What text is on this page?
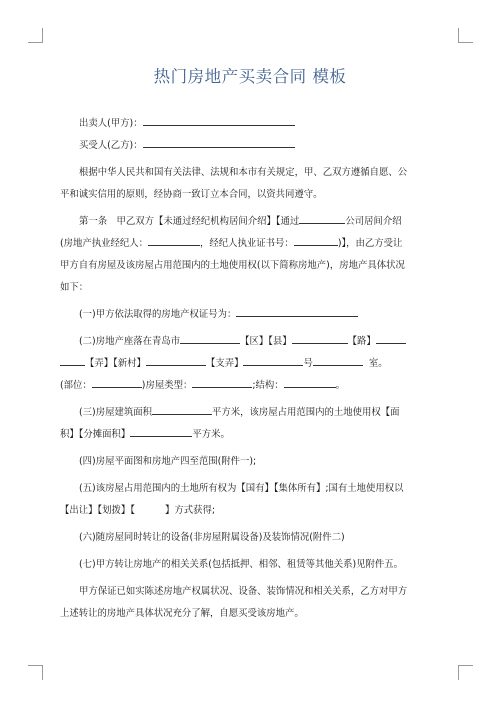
热门房地产买卖合同 模板
出卖人(甲方)：
买受人(乙方)：
根据中华人民共和国有关法律、法规和本市有关规定，甲、乙双方遵循自愿、公
平和诚实信用的原则，经协商一致订立本合同，以资共同遵守。
第一条　甲乙双方【未通过经纪机构居间介绍】【通过	公司居间介绍
(房地产执业经纪人：	，经纪人执业证书号：	)】，由乙方受让
甲方自有房屋及该房屋占用范围内的土地使用权(以下简称房地产)，房地产具体状况
如下：
(一)甲方依法取得的房地产权证号为：
(二)房地产座落在青岛市	【区】【县】	【路】
【弄】【新村】	【支弄】	号	室。
(部位：	)房屋类型：	;结构：	。
(三)房屋建筑面积	平方米，该房屋占用范围内的土地使用权【面
积】【分摊面积】	平方米。
(四)房屋平面图和房地产四至范围(附件一);
(五)该房屋占用范围内的土地所有权为【国有】【集体所有】;国有土地使用权以
【出让】【划拨】【	】方式获得;
(六)随房屋同时转让的设备(非房屋附属设备)及装饰情况(附件二)
(七)甲方转让房地产的相关关系(包括抵押、相邻、租赁等其他关系)见附件五。
甲方保证已如实陈述房地产权属状况、设备、装饰情况和相关关系，乙方对甲方
上述转让的房地产具体状况充分了解，自愿买受该房地产。
